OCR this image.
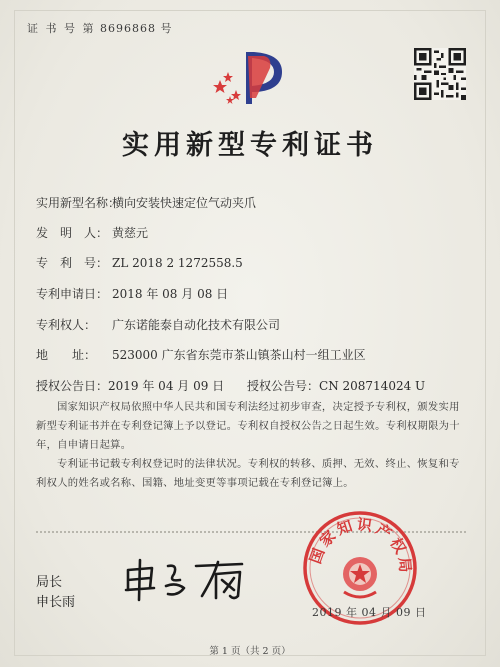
证 书 号 第 8696868 号
实用新型专利证书
实用新型名称：横向安装快速定位气动夹爪
发　明　人： 黄慈元
专　利　号： ZL 2018 2 1272558.5
专利申请日： 2018 年 08 月 08 日
专利权人： 广东诺能泰自动化技术有限公司
地　　址： 523000 广东省东莞市茶山镇茶山村一组工业区
授权公告日：2019 年 04 月 09 日 授权公告号：CN 208714024 U
国家知识产权局依照中华人民共和国专利法经过初步审查，决定授予专利权，颁发实用新型专利证书并在专利登记簿上予以登记。专利权自授权公告之日起生效。专利权期限为十年，自申请日起算。
专利证书记载专利权登记时的法律状况。专利权的转移、质押、无效、终止、恢复和专利权人的姓名或名称、国籍、地址变更等事项记载在专利登记簿上。
局长
申长雨
国家知识产权局
2019 年 04 月 09 日
第 1 页（共 2 页）
